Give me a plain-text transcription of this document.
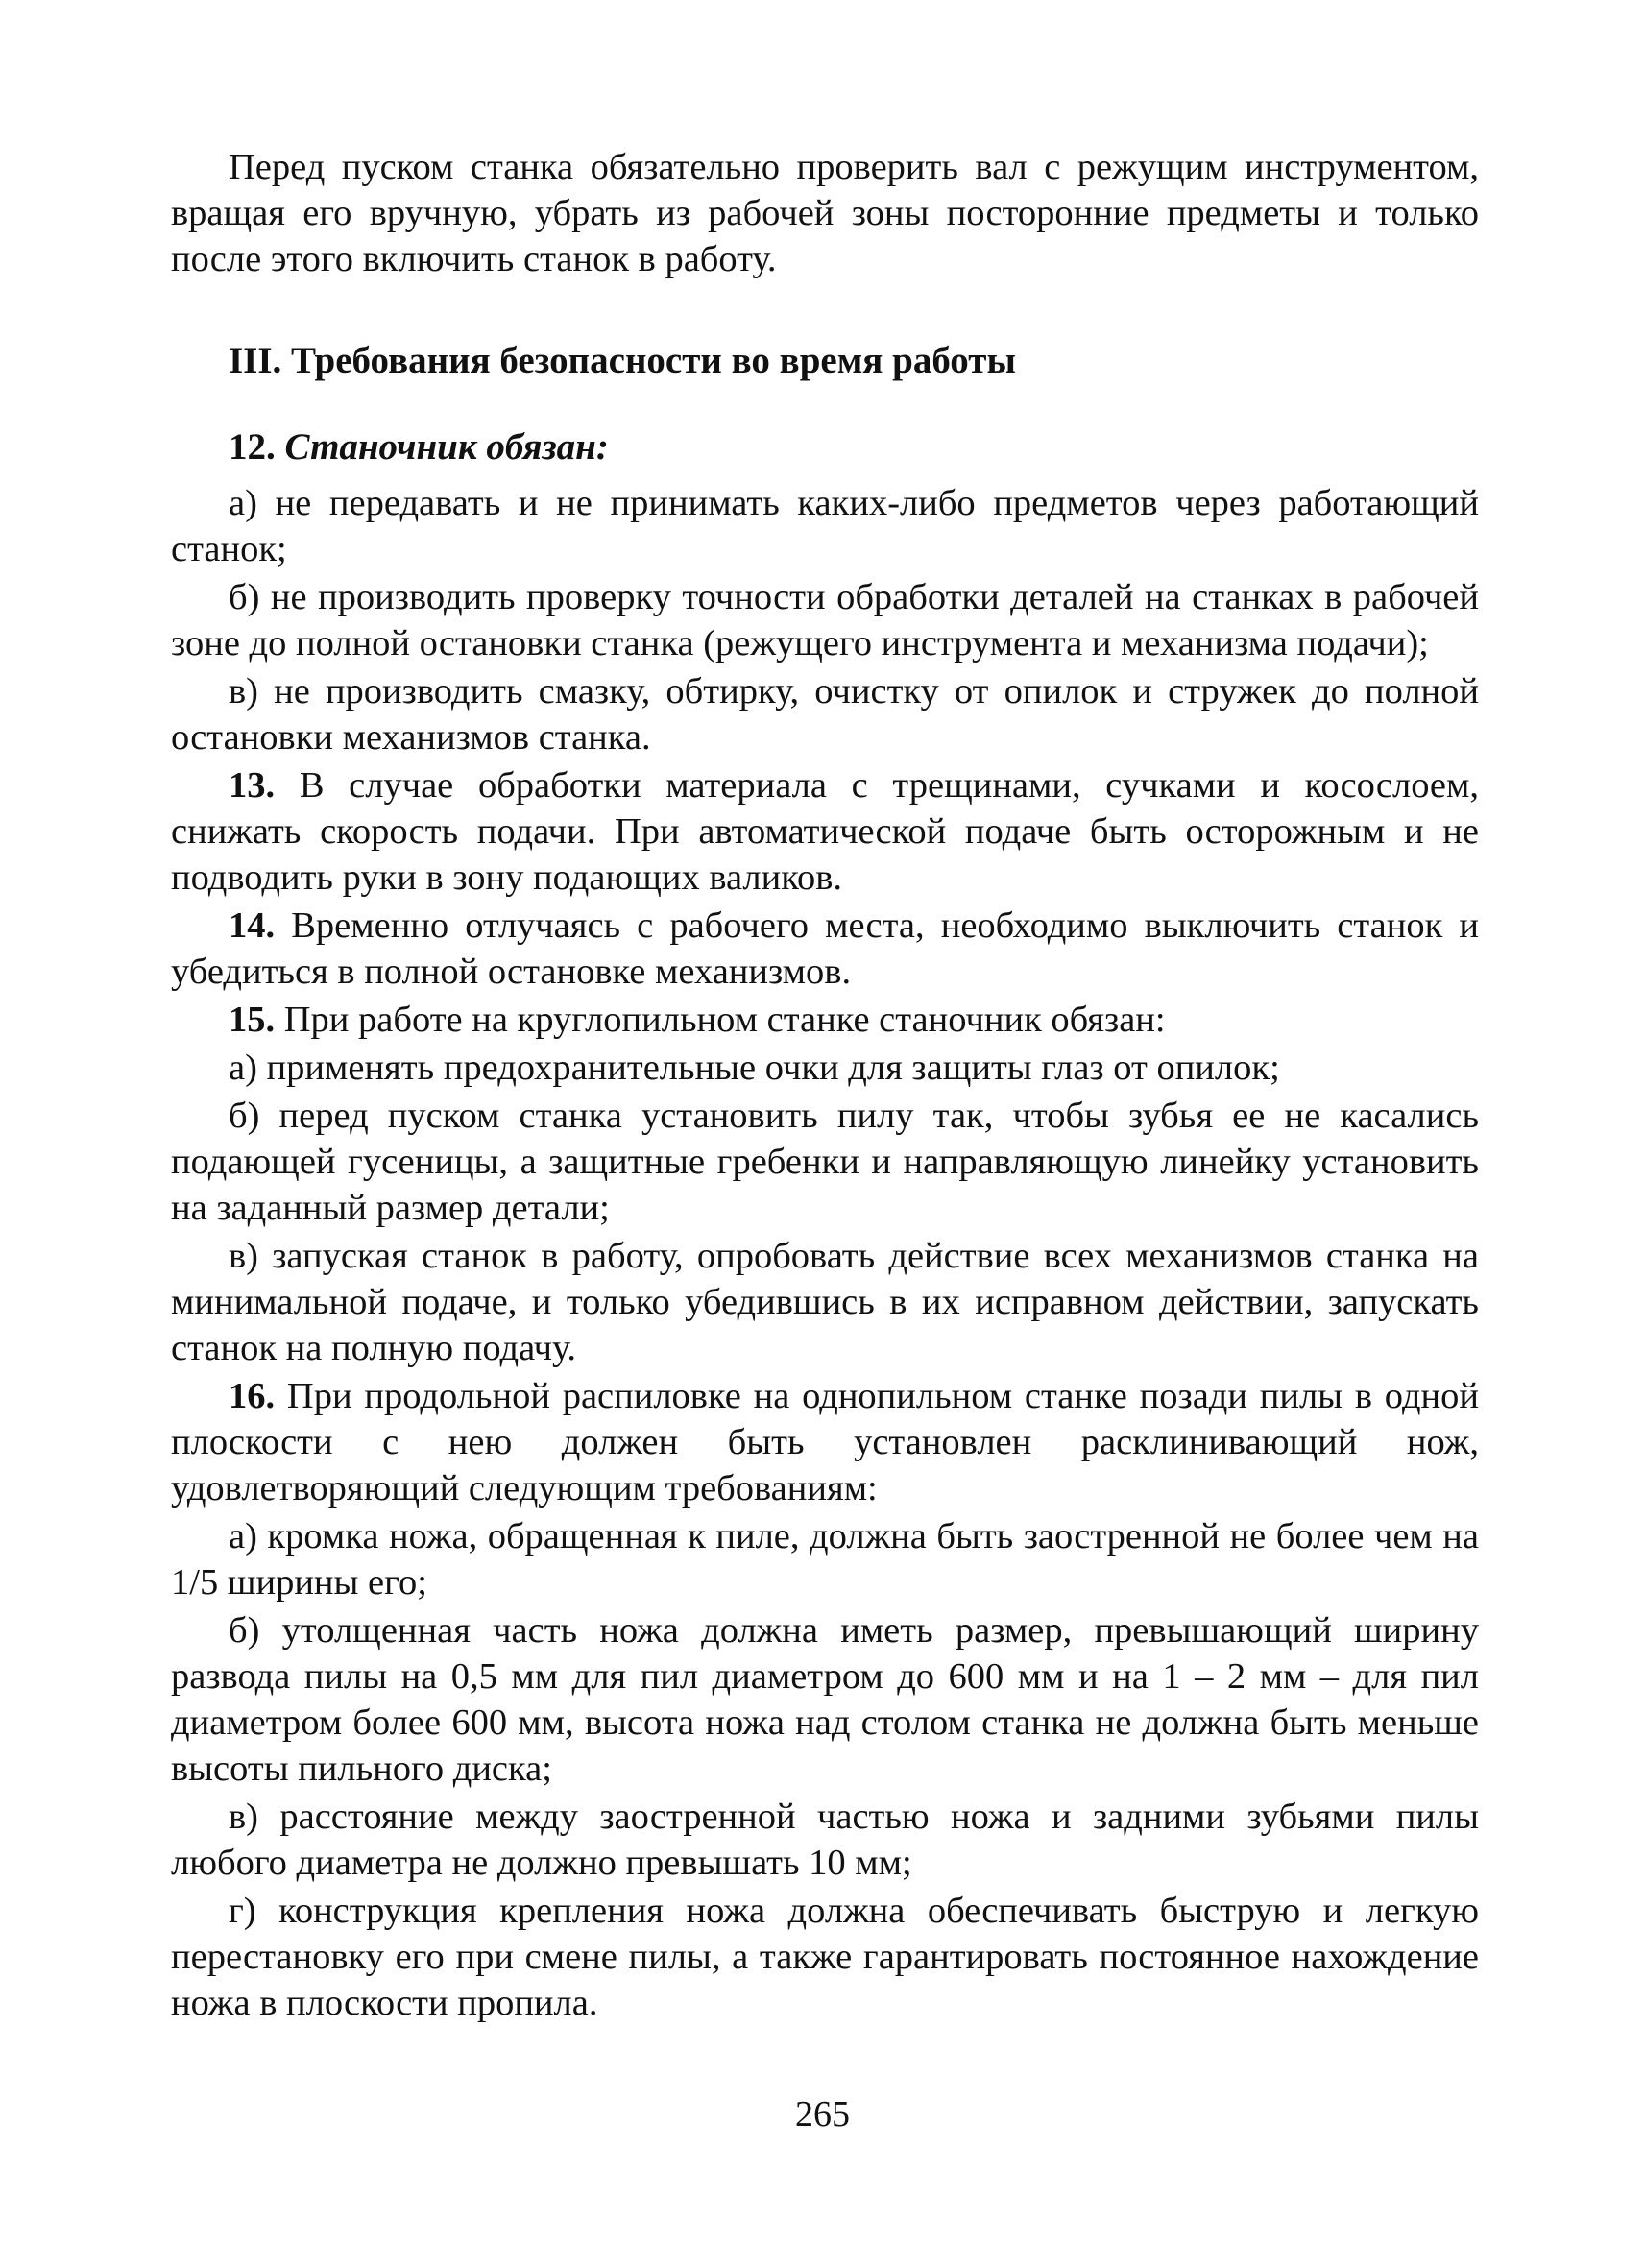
Перед пуском станка обязательно проверить вал с режущим инструментом, вращая его вручную, убрать из рабочей зоны посторонние предметы и только после этого включить станок в работу.

III. Требования безопасности во время работы
12. Станочник обязан:

а) не передавать и не принимать каких-либо предметов через работающий станок;

б) не производить проверку точности обработки деталей на станках в рабочей зоне до полной остановки станка (режущего инструмента и механизма подачи);

в) не производить смазку, обтирку, очистку от опилок и стружек до полной остановки механизмов станка.

13. В случае обработки материала с трещинами, сучками и косослоем, снижать скорость подачи. При автоматической подаче быть осторожным и не подводить руки в зону подающих валиков.

14. Временно отлучаясь с рабочего места, необходимо выключить станок и убедиться в полной остановке механизмов.

15. При работе на круглопильном станке станочник обязан:

а) применять предохранительные очки для защиты глаз от опилок;

б) перед пуском станка установить пилу так, чтобы зубья ее не касались подающей гусеницы, а защитные гребенки и направляющую линейку установить на заданный размер детали;

в) запуская станок в работу, опробовать действие всех механизмов станка на минимальной подаче, и только убедившись в их исправном действии, запускать станок на полную подачу.

16. При продольной распиловке на однопильном станке позади пилы в одной плоскости с нею должен быть установлен расклинивающий нож, удовлетворяющий следующим требованиям:

а) кромка ножа, обращенная к пиле, должна быть заостренной не более чем на 1/5 ширины его;

б) утолщенная часть ножа должна иметь размер, превышающий ширину развода пилы на 0,5 мм для пил диаметром до 600 мм и на 1 – 2 мм – для пил диаметром более 600 мм, высота ножа над столом станка не должна быть меньше высоты пильного диска;

в) расстояние между заостренной частью ножа и задними зубьями пилы любого диаметра не должно превышать 10 мм;

г) конструкция крепления ножа должна обеспечивать быструю и легкую перестановку его при смене пилы, а также гарантировать постоянное нахождение ножа в плоскости пропила.

265
